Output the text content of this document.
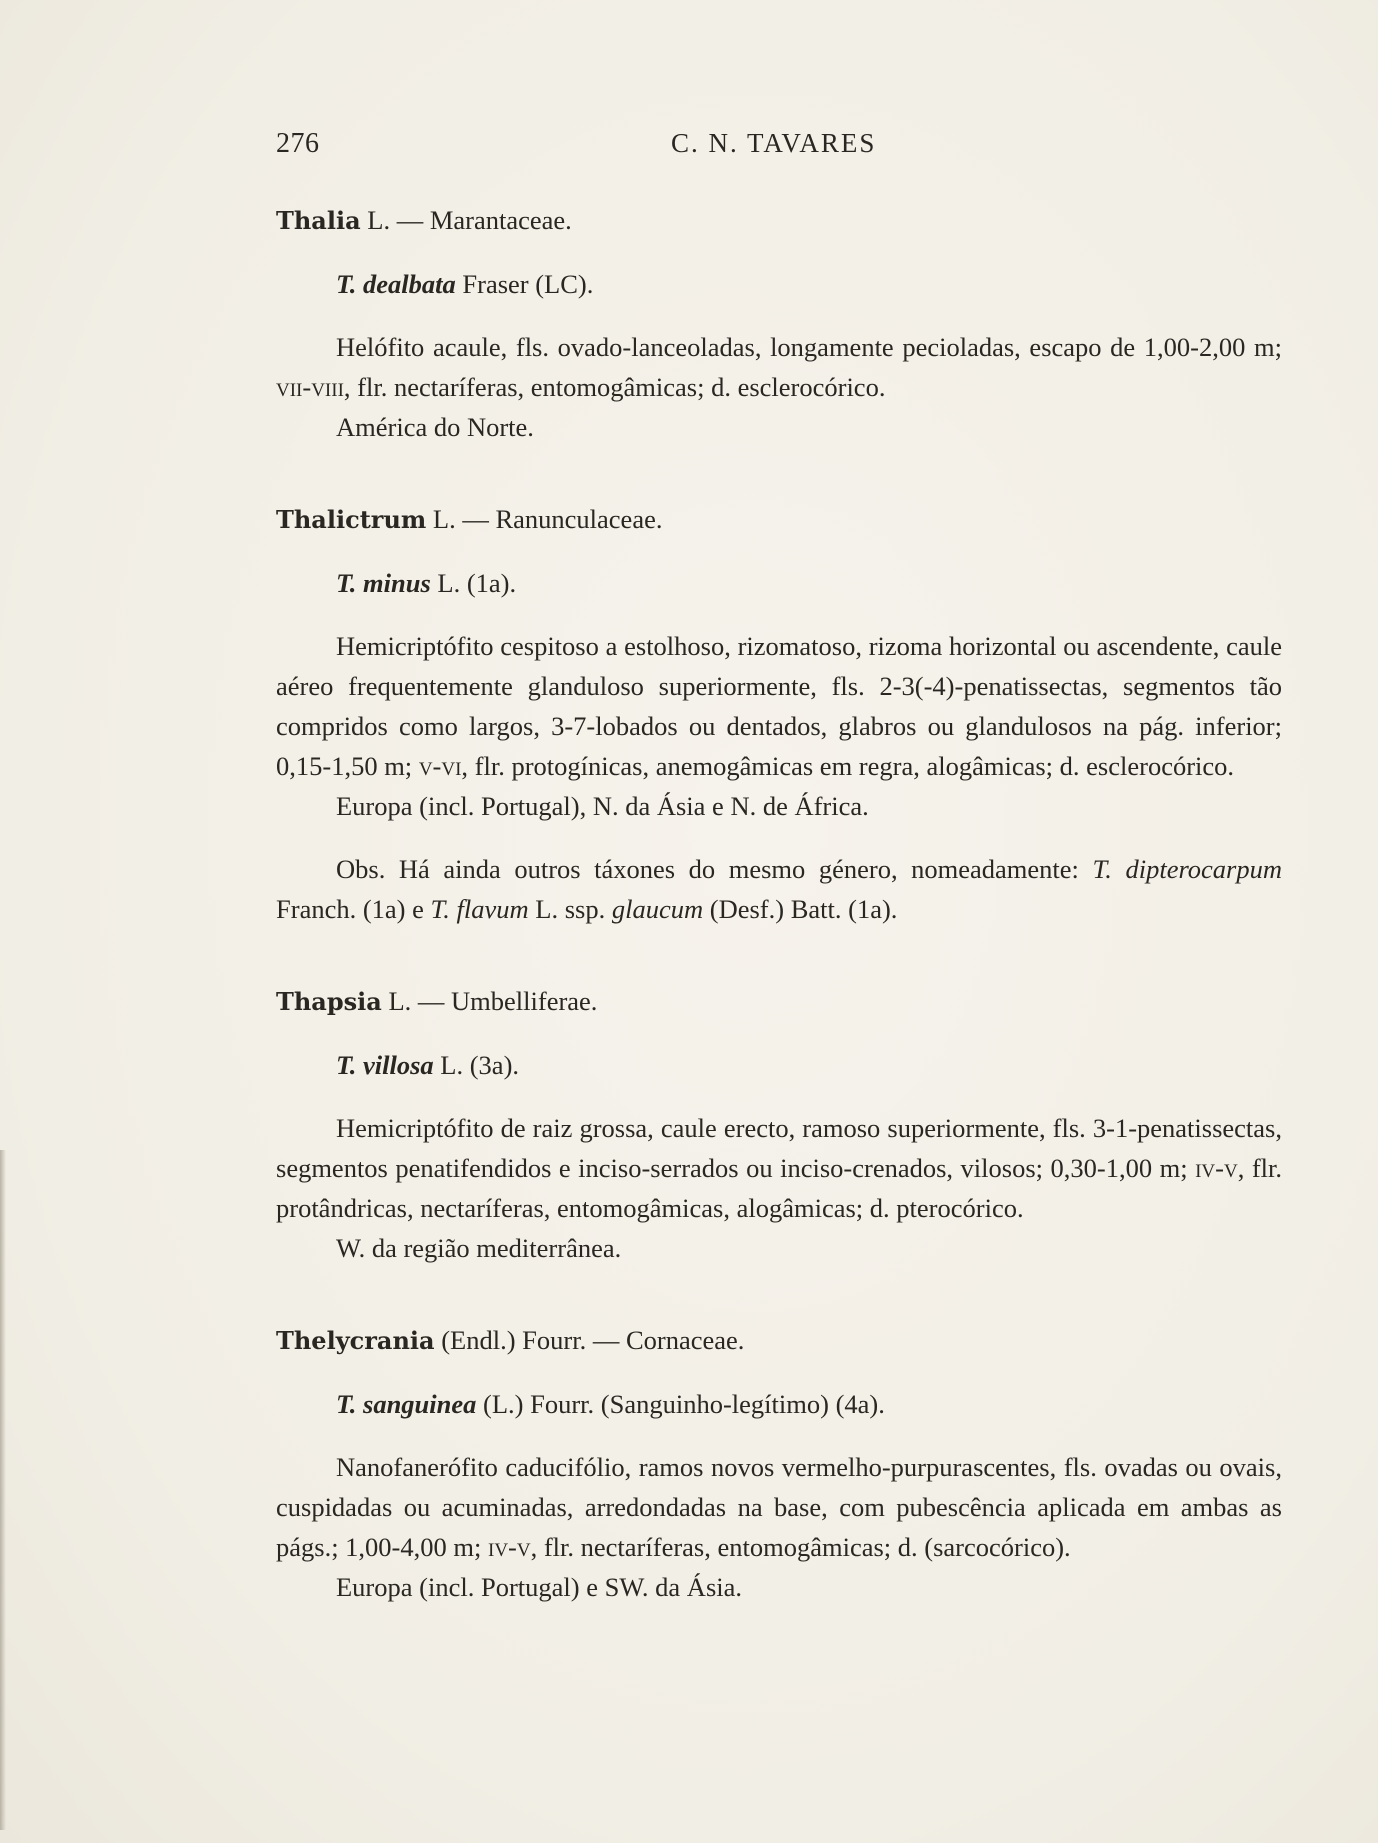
276	C. N. TAVARES

Thalia L. — Marantaceae.

T. dealbata Fraser (LC).

Helófito acaule, fls. ovado-lanceoladas, longamente pecioladas, escapo de 1,00-2,00 m; vii-viii, flr. nectaríferas, entomogâmicas; d. esclerocórico.

América do Norte.

Thalictrum L. — Ranunculaceae.

T. minus L. (1a).

Hemicriptófito cespitoso a estolhoso, rizomatoso, rizoma horizontal ou ascendente, caule aéreo frequentemente glanduloso superiormente, fls. 2-3(-4)-penatissectas, segmentos tão compridos como largos, 3-7-lobados ou dentados, glabros ou glandulosos na pág. inferior; 0,15-1,50 m; v-vi, flr. protogínicas, anemogâmicas em regra, alogâmicas; d. esclerocórico.

Europa (incl. Portugal), N. da Ásia e N. de África.

Obs. Há ainda outros táxones do mesmo género, nomeadamente: T. dipterocarpum Franch. (1a) e T. flavum L. ssp. glaucum (Desf.) Batt. (1a).

Thapsia L. — Umbelliferae.

T. villosa L. (3a).

Hemicriptófito de raiz grossa, caule erecto, ramoso superiormente, fls. 3-1-penatissectas, segmentos penatifendidos e inciso-serrados ou inciso-crenados, vilosos; 0,30-1,00 m; iv-v, flr. protândricas, nectaríferas, entomogâmicas, alogâmicas; d. pterocórico.

W. da região mediterrânea.

Thelycrania (Endl.) Fourr. — Cornaceae.

T. sanguinea (L.) Fourr. (Sanguinho-legítimo) (4a).

Nanofanerófito caducifólio, ramos novos vermelho-purpurascentes, fls. ovadas ou ovais, cuspidadas ou acuminadas, arredondadas na base, com pubescência aplicada em ambas as págs.; 1,00-4,00 m; iv-v, flr. nectaríferas, entomogâmicas; d. (sarcocórico).

Europa (incl. Portugal) e SW. da Ásia.
